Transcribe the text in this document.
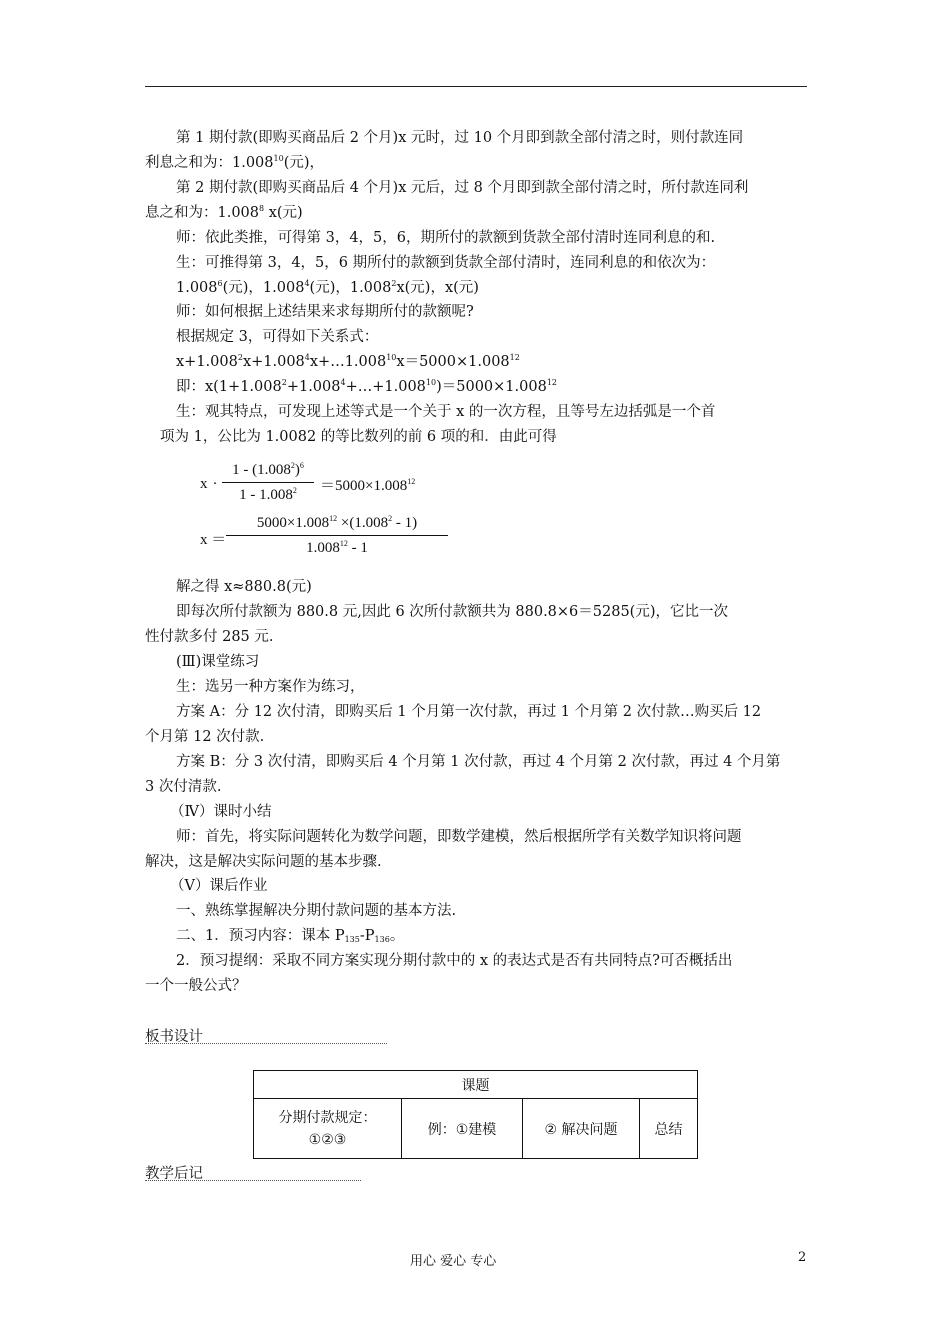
第 1 期付款(即购买商品后 2 个月)x 元时，过 10 个月即到款全部付清之时，则付款连同
利息之和为：1.008$^{10}$(元)，
第 2 期付款(即购买商品后 4 个月)x 元后，过 8 个月即到款全部付清之时，所付款连同利
息之和为：1.008$^8$ x(元)
师：依此类推，可得第 3，4，5，6，期所付的款额到货款全部付清时连同利息的和.
生：可推得第 3，4，5，6 期所付的款额到货款全部付清时，连同利息的和依次为：
1.008$^6$(元)，1.008$^4$(元)，1.008$^2$x(元)，x(元)
师：如何根据上述结果来求每期所付的款额呢?
根据规定 3，可得如下关系式：
$x+1.008^2x+1.008^4x+\dots 1.008^{10}x=5000\times 1.008^{12}$
即：$x(1+1.008^2+1.008^4+\dots+1.008^{10})=5000\times 1.008^{12}$
生：观其特点，可发现上述等式是一个关于 x 的一次方程，且等号左边括弧是一个首
项为 1，公比为 1.0082 的等比数列的前 6 项的和．由此可得
x ·
$1 - (1.008^2)^6$
$1 - 1.008^2$	$=5000\times 1.008^{12}$
x ＝
$5000\times 1.008^{12} \times(1.008^2 - 1)$
1.008$^{12}$ - 1
解之得 x≈880.8(元)
即每次所付款额为 880.8 元,因此 6 次所付款额共为 880.8×6＝5285(元)，它比一次
性付款多付 285 元.
(Ⅲ)课堂练习
生：选另一种方案作为练习，
方案 A：分 12 次付清，即购买后 1 个月第一次付款，再过 1 个月第 2 次付款…购买后 12
个月第 12 次付款.
方案 B：分 3 次付清，即购买后 4 个月第 1 次付款，再过 4 个月第 2 次付款，再过 4 个月第
3 次付清款.
（Ⅳ）课时小结
师：首先，将实际问题转化为数学问题，即数学建模，然后根据所学有关数学知识将问题
解决，这是解决实际问题的基本步骤.
（Ⅴ）课后作业
一、熟练掌握解决分期付款问题的基本方法.
二、1．预习内容：课本 $P_{135}-P_{136}$。
2．预习提纲：采取不同方案实现分期付款中的 x 的表达式是否有共同特点?可否概括出
一个一般公式？
板书设计
课题

分期付款规定：
①②③
	例：①建模	② 解决问题	总结
教学后记
用心 爱心 专心	2
